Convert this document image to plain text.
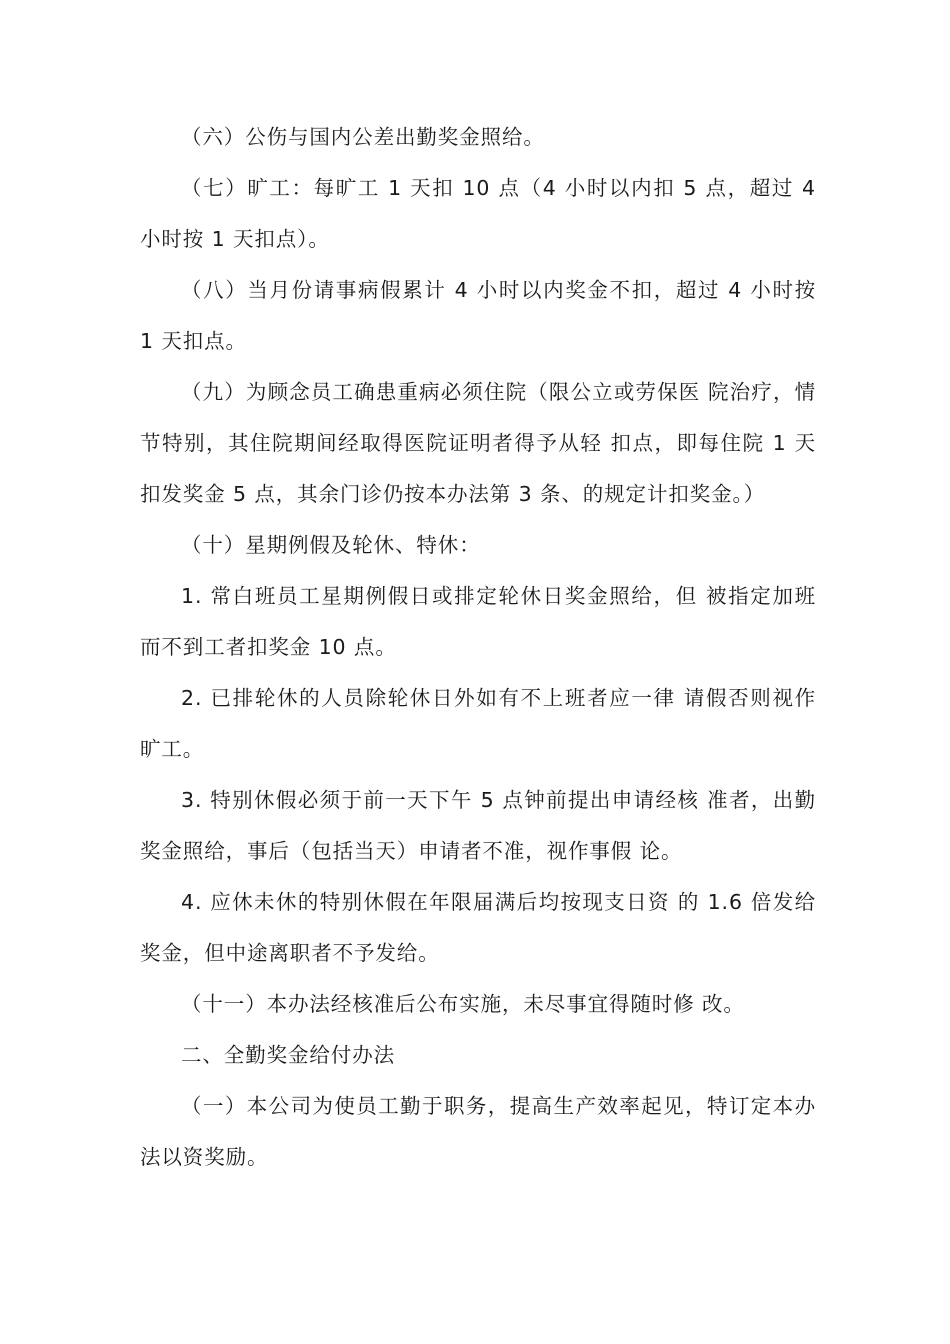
（六）公伤与国内公差出勤奖金照给。

（七）旷工：每旷工 1 天扣 10 点（4 小时以内扣 5 点，超过 4 小时按 1 天扣点）。

（八）当月份请事病假累计 4 小时以内奖金不扣，超过 4 小时按 1 天扣点。

（九）为顾念员工确患重病必须住院（限公立或劳保医 院治疗，情节特别，其住院期间经取得医院证明者得予从轻 扣点，即每住院 1 天扣发奖金 5 点，其余门诊仍按本办法第 3 条、的规定计扣奖金。）

（十）星期例假及轮休、特休：

1. 常白班员工星期例假日或排定轮休日奖金照给，但 被指定加班而不到工者扣奖金 10 点。

2. 已排轮休的人员除轮休日外如有不上班者应一律 请假否则视作旷工。

3. 特别休假必须于前一天下午 5 点钟前提出申请经核 准者，出勤奖金照给，事后（包括当天）申请者不准，视作事假 论。

4. 应休未休的特别休假在年限届满后均按现支日资 的 1.6 倍发给奖金，但中途离职者不予发给。

（十一）本办法经核准后公布实施，未尽事宜得随时修 改。

二、全勤奖金给付办法

（一）本公司为使员工勤于职务，提高生产效率起见，特订定本办法以资奖励。
